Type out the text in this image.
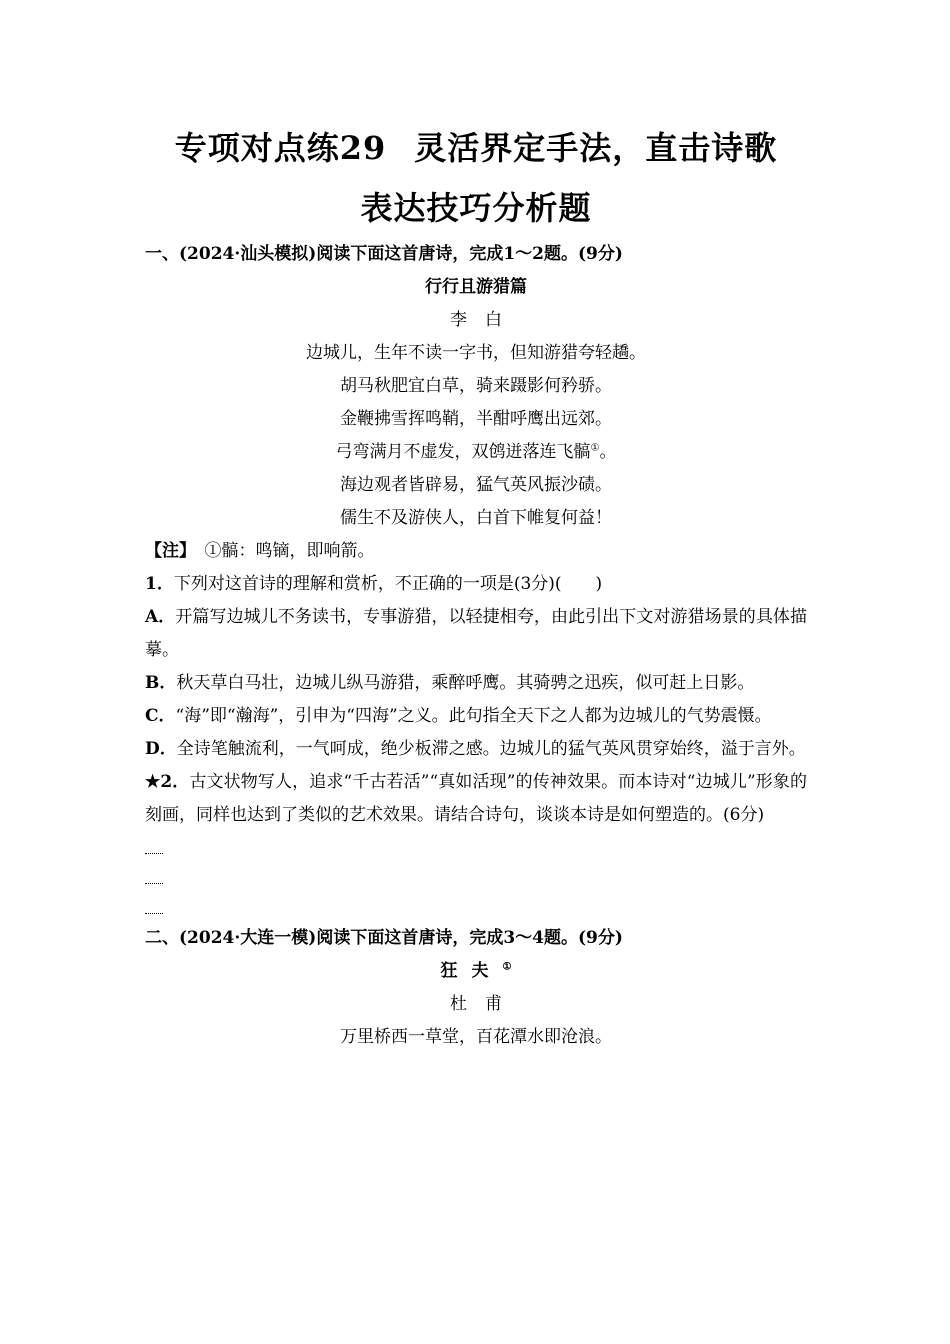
专项对点练29 灵活界定手法，直击诗歌
表达技巧分析题

一、(2024·汕头模拟)阅读下面这首唐诗，完成1～2题。(9分)

行行且游猎篇

李白

边城儿，生年不读一字书，但知游猎夸轻趫。

胡马秋肥宜白草，骑来蹑影何矜骄。

金鞭拂雪挥鸣鞘，半酣呼鹰出远郊。

弓弯满月不虚发，双鸧迸落连飞髇①。

海边观者皆辟易，猛气英风振沙碛。

儒生不及游侠人，白首下帷复何益！

【注】　 ①髇：鸣镝，即响箭。

1．下列对这首诗的理解和赏析，不正确的一项是(3分)(　　)

A．开篇写边城儿不务读书，专事游猎，以轻捷相夸，由此引出下文对游猎场景的具体描摹。

B．秋天草白马壮，边城儿纵马游猎，乘醉呼鹰。其骑骋之迅疾，似可赶上日影。

C．“海”即“瀚海”，引申为“四海”之义。此句指全天下之人都为边城儿的气势震慑。

D．全诗笔触流利，一气呵成，绝少板滞之感。边城儿的猛气英风贯穿始终，溢于言外。

★2．古文状物写人，追求“千古若活”“真如活现”的传神效果。而本诗对“边城儿”形象的刻画，同样也达到了类似的艺术效果。请结合诗句，谈谈本诗是如何塑造的。(6分)

二、(2024·大连一模)阅读下面这首唐诗，完成3～4题。(9分)

狂夫①

杜甫

万里桥西一草堂，百花潭水即沧浪。
